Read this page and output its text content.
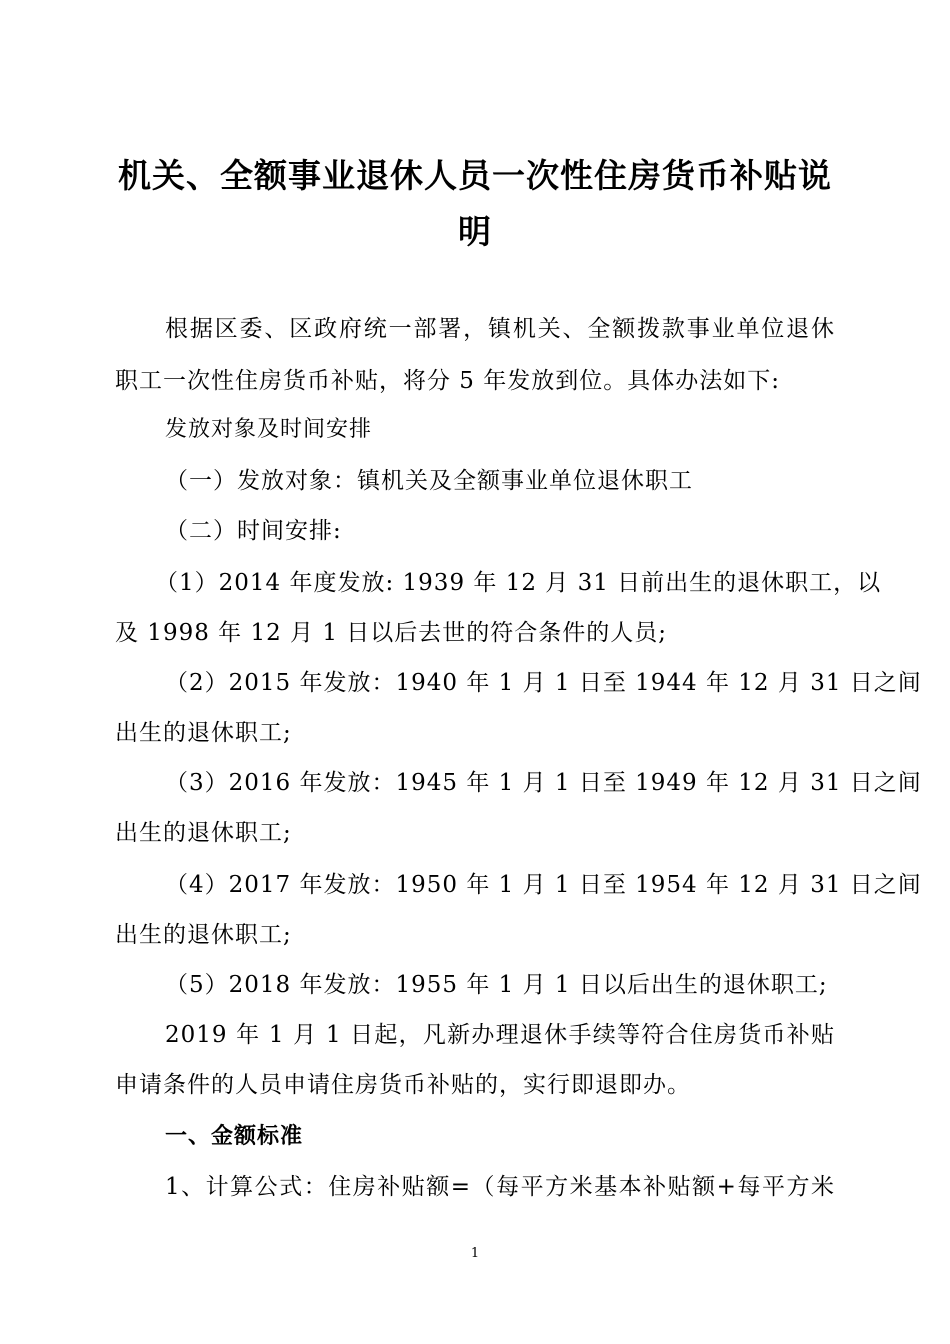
机关、全额事业退休人员一次性住房货币补贴说
明
根据区委、区政府统一部署，镇机关、全额拨款事业单位退休
职工一次性住房货币补贴，将分 5 年发放到位。具体办法如下:
发放对象及时间安排
（一）发放对象：镇机关及全额事业单位退休职工
（二）时间安排:
（1）2014 年度发放: 1939 年 12 月 31 日前出生的退休职工，以
及 1998 年 12 月 1 日以后去世的符合条件的人员;
（2）2015 年发放：1940 年 1 月 1 日至 1944 年 12 月 31 日之间
出生的退休职工;
（3）2016 年发放：1945 年 1 月 1 日至 1949 年 12 月 31 日之间
出生的退休职工;
（4）2017 年发放：1950 年 1 月 1 日至 1954 年 12 月 31 日之间
出生的退休职工;
（5）2018 年发放：1955 年 1 月 1 日以后出生的退休职工;
2019 年 1 月 1 日起，凡新办理退休手续等符合住房货币补贴
申请条件的人员申请住房货币补贴的，实行即退即办。
一、金额标准
1、计算公式：住房补贴额=（每平方米基本补贴额+每平方米
1
